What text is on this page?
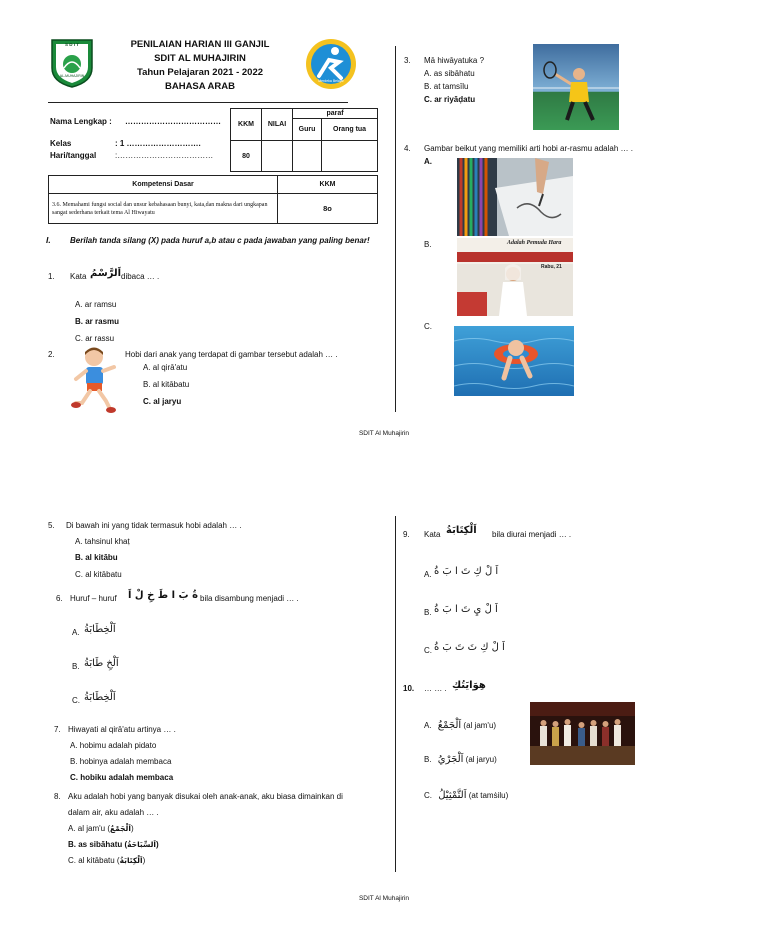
S D I T
AL-MUHAJIRIN
PENILAIAN HARIAN III GANJIL
SDIT AL MUHAJIRIN
Tahun Pelajaran 2021 - 2022
BAHASA ARAB	Merdeka Belajar
Nama Lengkap : ………………………………
Kelas	: 1 ……………………….
Hari/tanggal :………………………………
KKM	NILAI	paraf	
		Guru	Orang tua
80			
Kompetensi Dasar	KKM
3.6. Memahami fungsi social dan unsur kebahasaan bunyi, kata,dan makna dari ungkapan sangat sederhana terkait tema Al Hiwayatu	8o
I. Berilah tanda silang (X) pada huruf a,b atau c pada jawaban yang paling benar!
1. Kata اَلرَّسْمُ dibaca … .
A. ar ramsu
B. ar rasmu
C. ar rassu
2.	Hobi dari anak yang terdapat di gambar tersebut adalah … .
A. al qirā'atu
B. al kitābatu
C. al jaryu
3. Mā hiwāyatuka ?
A. as sibāhatu
B. at tamsīlu
C. ar riyāḍatu
4. Gambar beikut yang memiliki arti hobi ar-rasmu adalah … .
A.
B.	Adalah Pemuda Hara
Rabu, 21
C.
SDIT Al Muhajirin
5. Di bawah ini yang tidak termasuk hobi adalah … .
A. tahsinul khaṭ
B. al kitābu
C. al kitābatu
6. Huruf – huruf ةُ بَ ا طَ خِ لْ اَ bila disambung menjadi … .
A. اَلْخِطَابَةُ
B. اَلْخِ طَابَةُ
C. اَلْخِطَابَةُ
7. Hiwayati al qirā'atu artinya … .
A. hobimu adalah pidato
B. hobinya adalah membaca
C. hobiku adalah membaca
8. Aku adalah hobi yang banyak disukai oleh anak-anak, aku biasa dimainkan di
dalam air, aku adalah … .
A. al jam'u (اَلْجَمْعُ)
B. as sibāhatu (اَلسِّبَاحَةُ)
C. al kitābatu (اَلْكِتَابَةُ)
9. Kata اَلْكِتَابَةُ bila diurai menjadi … .
A. اَ لْ كِ تَ ا بَ ةُ
B. اَ لْ يِ تَ ا بَ ةُ
C. اَ لْ كِ تَ تَ بَ ةُ
10. … … . هِوَايَتُكِ
A. اَلْجَمْعُ (al jam'u)
B. اَلْجَرْيُ (al jaryu)
C. اَلتَّمْثِيْلُ (at tamṡilu)
SDIT Al Muhajirin
